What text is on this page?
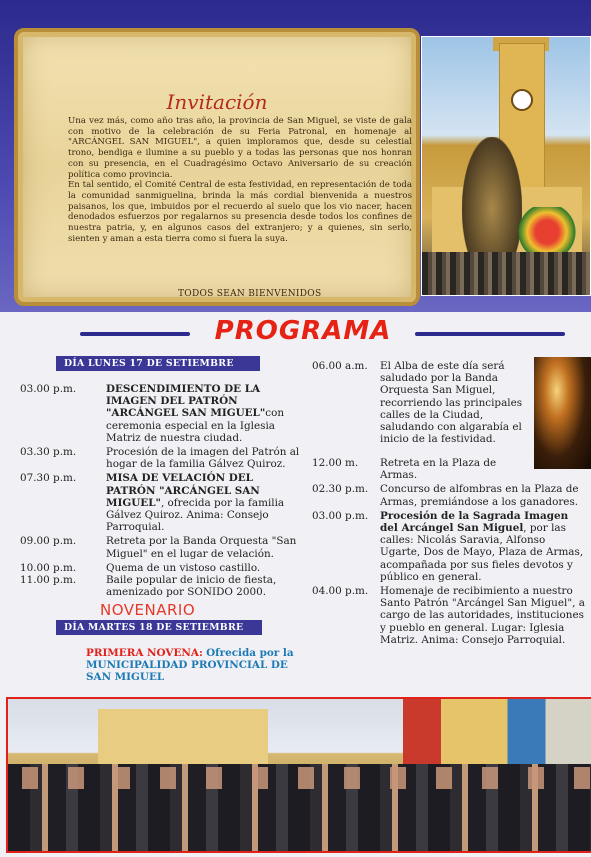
Invitación

Una vez más, como año tras año, la provincia de San Miguel, se viste de gala con motivo de la celebración de su Feria Patronal, en homenaje al "ARCÁNGEL SAN MIGUEL", a quien imploramos que, desde su celestial trono, bendiga e ilumine a su pueblo y a todas las personas que nos honran con su presencia, en el Cuadragésimo Octavo Aniversario de su creación política como provincia.

En tal sentido, el Comité Central de esta festividad, en representación de toda la comunidad sanmiguelina, brinda la más cordial bienvenida a nuestros paisanos, los que, imbuidos por el recuerdo al suelo que los vio nacer, hacen denodados esfuerzos por regalarnos su presencia desde todos los confines de nuestra patria, y, en algunos casos del extranjero; y a quienes, sin serlo, sienten y aman a esta tierra como si fuera la suya.

TODOS SEAN BIENVENIDOS
PROGRAMA
DÍA LUNES 17 DE SETIEMBRE
03.00 p.m.	DESCENDIMIENTO DE LA IMAGEN DEL PATRÓN "ARCÁNGEL SAN MIGUEL"con ceremonia especial en la Iglesia Matriz de nuestra ciudad.
03.30 p.m.	Procesión de la imagen del Patrón al hogar de la familia Gálvez Quiroz.
07.30 p.m.	MISA DE VELACIÓN DEL PATRÓN "ARCÁNGEL SAN MIGUEL", ofrecida por la familia Gálvez Quiroz. Anima: Consejo Parroquial.
09.00 p.m.	Retreta por la Banda Orquesta "San Miguel" en el lugar de velación.
10.00 p.m.	Quema de un vistoso castillo.
11.00 p.m.	Baile popular de inicio de fiesta, amenizado por SONIDO 2000.
NOVENARIO
DÍA MARTES 18 DE SETIEMBRE
PRIMERA NOVENA: Ofrecida por la MUNICIPALIDAD PROVINCIAL DE SAN MIGUEL
06.00 a.m.	El Alba de este día será saludado por la Banda Orquesta San Miguel, recorriendo las principales calles de la Ciudad, saludando con algarabía el inicio de la festividad.
12.00 m.	Retreta en la Plaza de Armas.
02.30 p.m.	Concurso de alfombras en la Plaza de Armas, premiándose a los ganadores.
03.00 p.m.	Procesión de la Sagrada Imagen del Arcángel San Miguel, por las calles: Nicolás Saravia, Alfonso Ugarte, Dos de Mayo, Plaza de Armas, acompañada por sus fieles devotos y público en general.
04.00 p.m.	Homenaje de recibimiento a nuestro Santo Patrón "Arcángel San Miguel", a cargo de las autoridades, instituciones y pueblo en general. Lugar: Iglesia Matriz. Anima: Consejo Parroquial.
